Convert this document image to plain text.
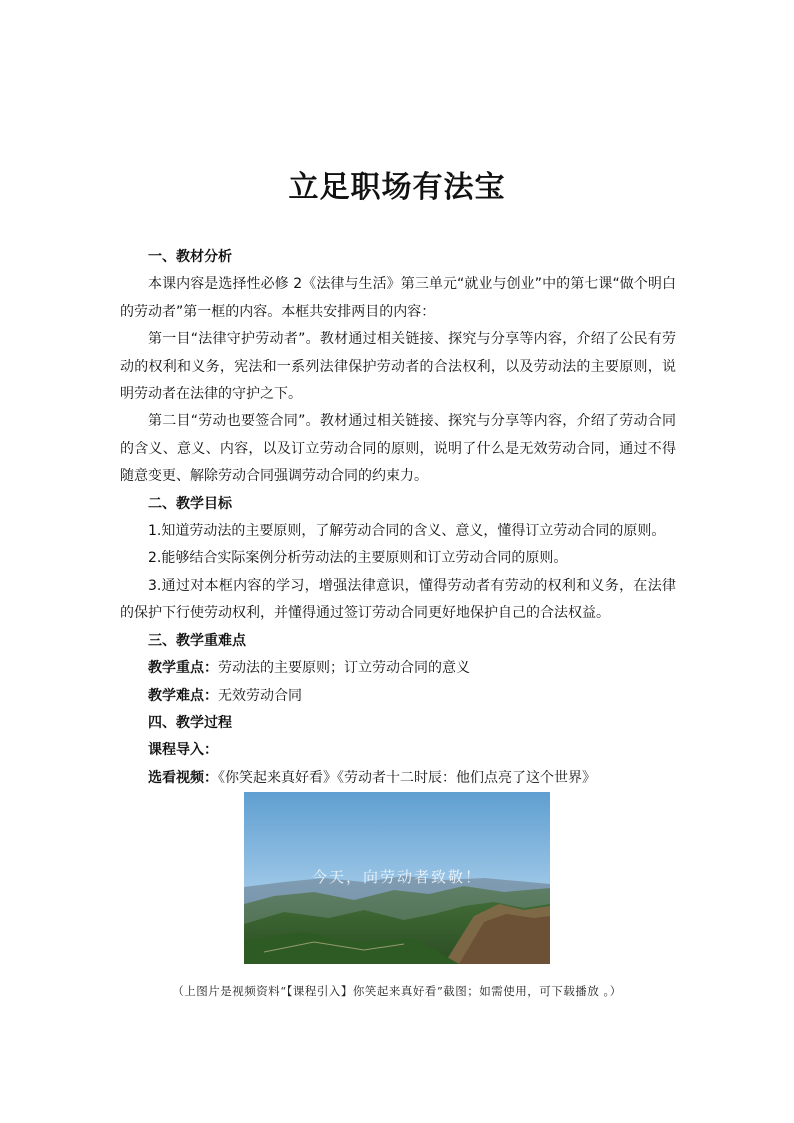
立足职场有法宝
一、教材分析
本课内容是选择性必修 2《法律与生活》第三单元“就业与创业”中的第七课“做个明白的劳动者”第一框的内容。本框共安排两目的内容：
第一目“法律守护劳动者”。教材通过相关链接、探究与分享等内容，介绍了公民有劳动的权利和义务，宪法和一系列法律保护劳动者的合法权利，以及劳动法的主要原则，说明劳动者在法律的守护之下。
第二目“劳动也要签合同”。教材通过相关链接、探究与分享等内容，介绍了劳动合同的含义、意义、内容，以及订立劳动合同的原则，说明了什么是无效劳动合同，通过不得随意变更、解除劳动合同强调劳动合同的约束力。
二、教学目标
1.知道劳动法的主要原则，了解劳动合同的含义、意义，懂得订立劳动合同的原则。
2.能够结合实际案例分析劳动法的主要原则和订立劳动合同的原则。
3.通过对本框内容的学习，增强法律意识，懂得劳动者有劳动的权利和义务，在法律的保护下行使劳动权利，并懂得通过签订劳动合同更好地保护自己的合法权益。
三、教学重难点
教学重点：劳动法的主要原则；订立劳动合同的意义
教学难点：无效劳动合同
四、教学过程
课程导入：
选看视频：《你笑起来真好看》《劳动者十二时辰：他们点亮了这个世界》
今天，向劳动者致敬！
（上图片是视频资料“【课程引入】你笑起来真好看”截图；如需使用，可下载播放 。）
